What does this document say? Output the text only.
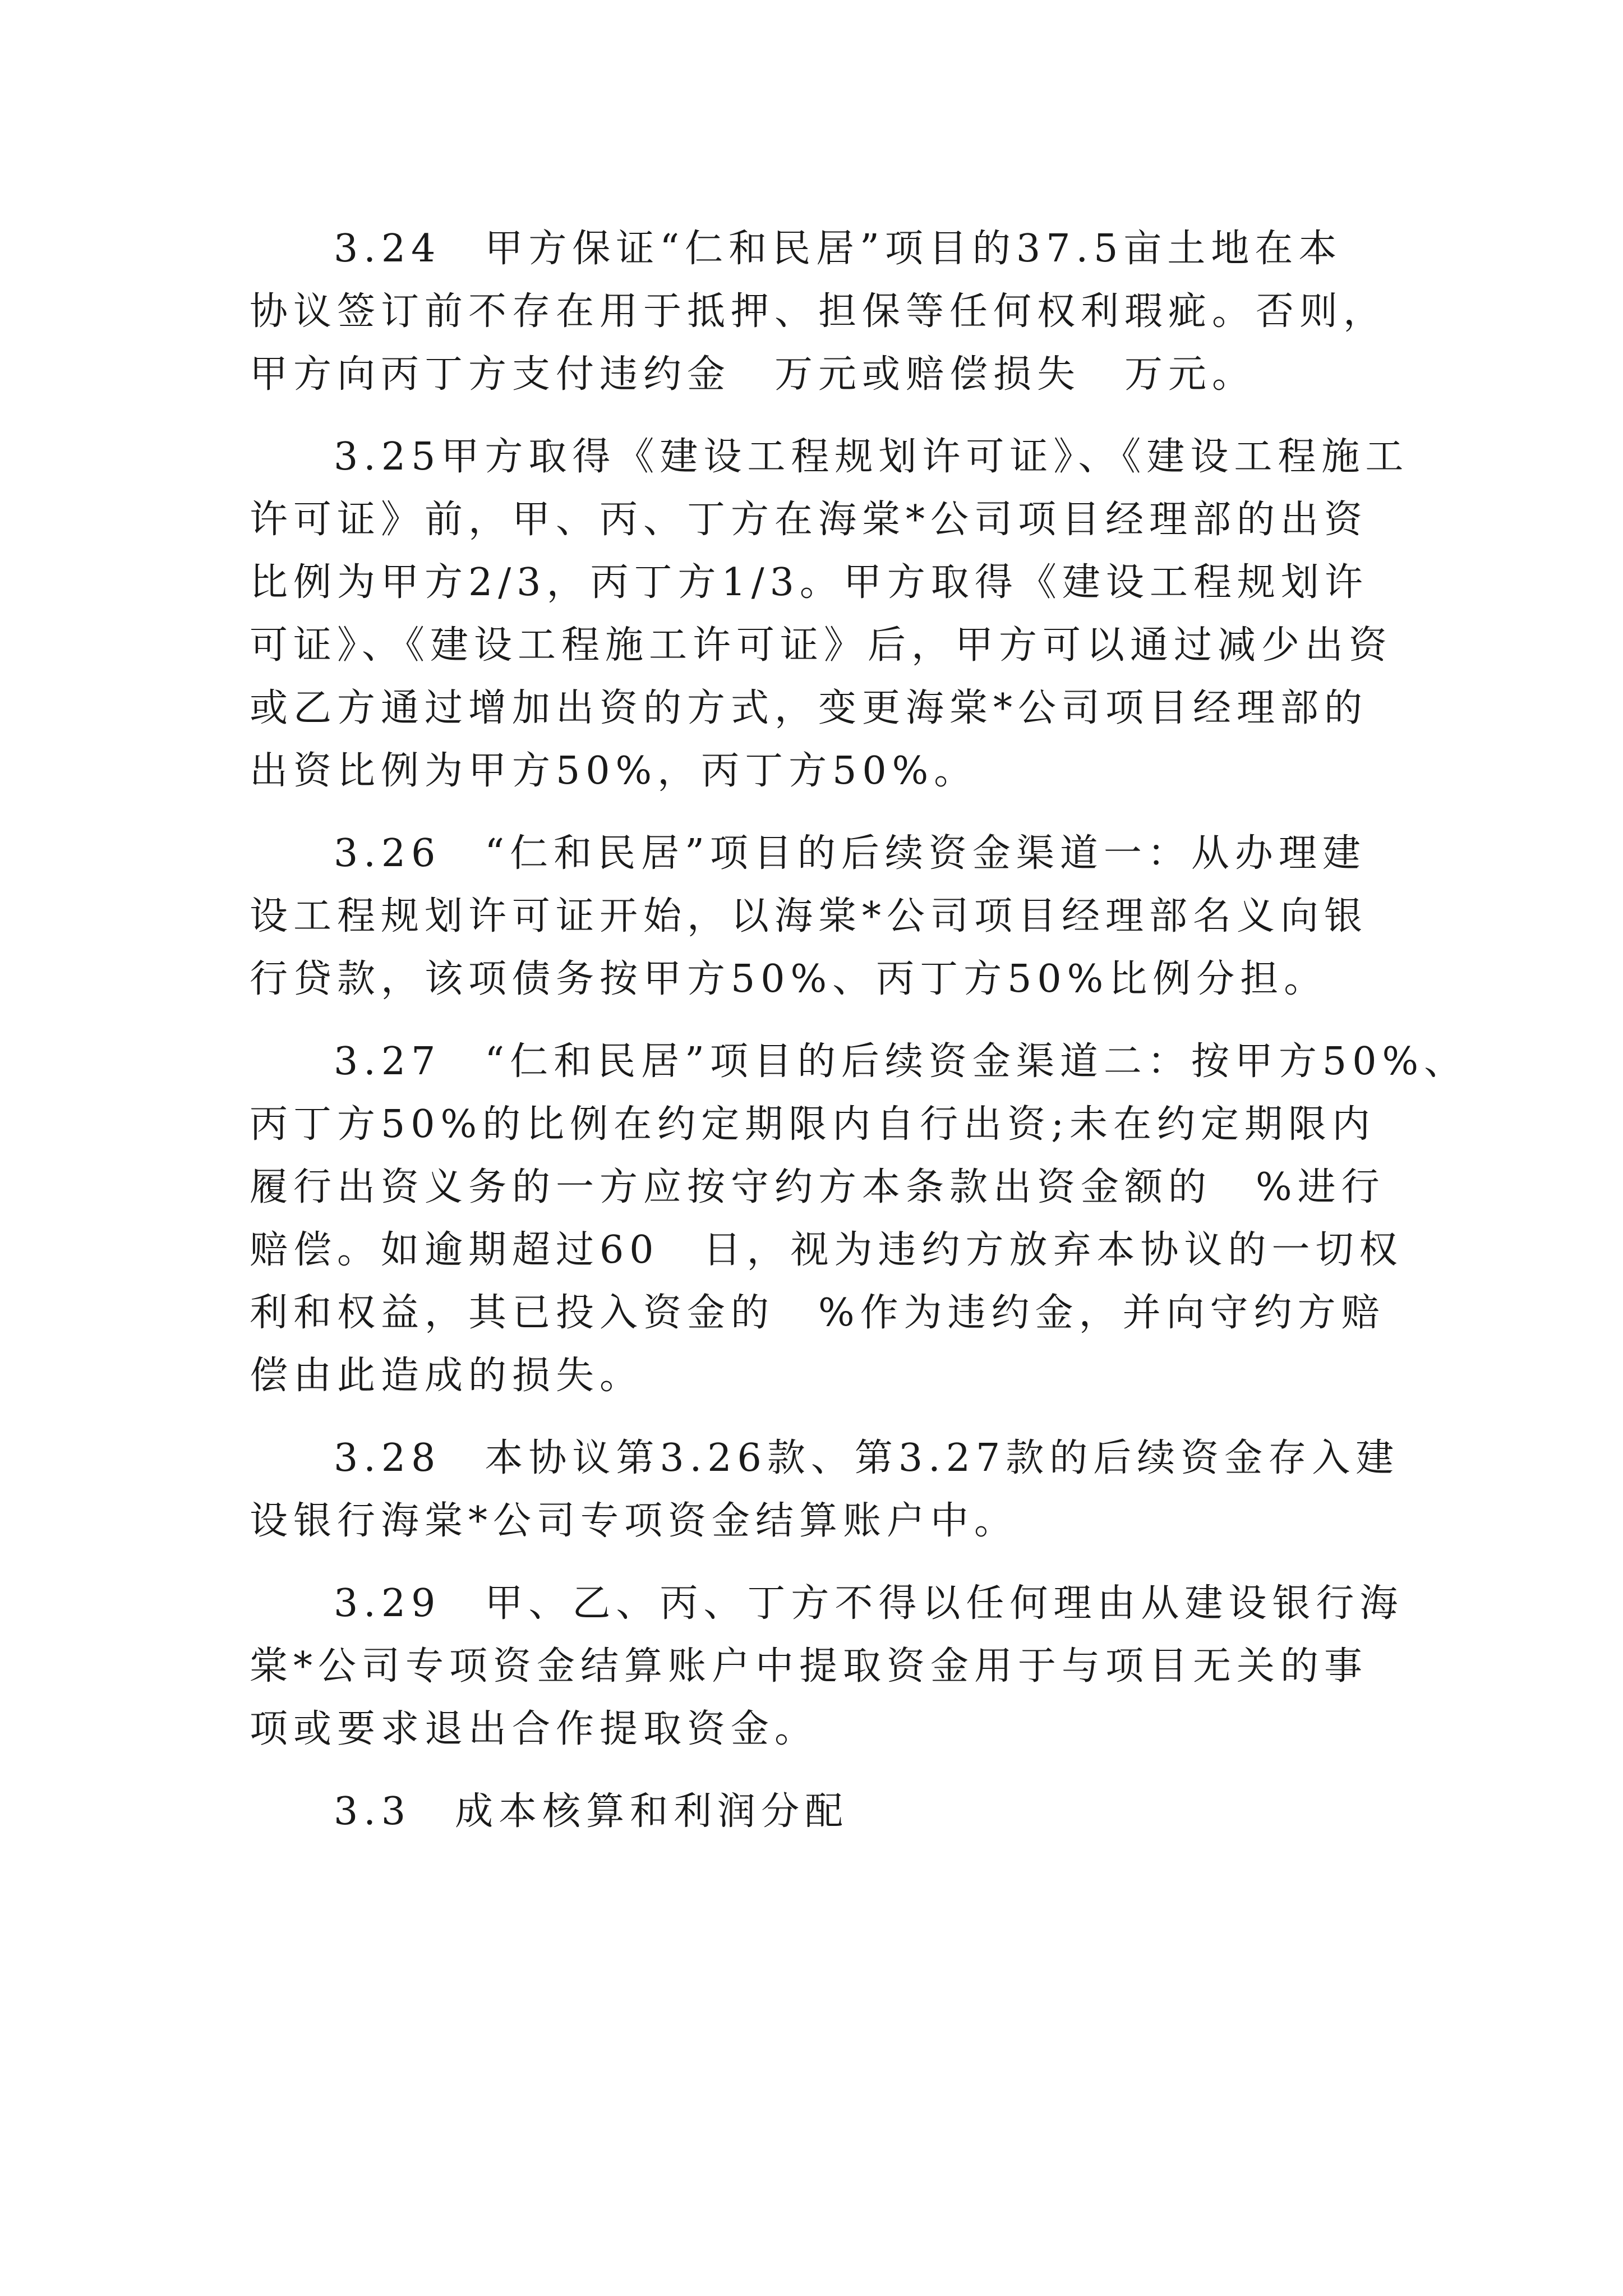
3.24　甲方保证“仁和民居”项目的37.5亩土地在本
协议签订前不存在用于抵押、担保等任何权利瑕疵。否则，
甲方向丙丁方支付违约金　万元或赔偿损失　万元。

3.25甲方取得《建设工程规划许可证》、《建设工程施工
许可证》前，甲、丙、丁方在海棠*公司项目经理部的出资
比例为甲方2/3，丙丁方1/3。甲方取得《建设工程规划许
可证》、《建设工程施工许可证》后，甲方可以通过减少出资
或乙方通过增加出资的方式，变更海棠*公司项目经理部的
出资比例为甲方50%，丙丁方50%。

3.26　“仁和民居”项目的后续资金渠道一：从办理建
设工程规划许可证开始，以海棠*公司项目经理部名义向银
行贷款，该项债务按甲方50%、丙丁方50%比例分担。

3.27　“仁和民居”项目的后续资金渠道二：按甲方50%、
丙丁方50%的比例在约定期限内自行出资;未在约定期限内
履行出资义务的一方应按守约方本条款出资金额的　%进行
赔偿。如逾期超过60　日，视为违约方放弃本协议的一切权
利和权益，其已投入资金的　%作为违约金，并向守约方赔
偿由此造成的损失。

3.28　本协议第3.26款、第3.27款的后续资金存入建
设银行海棠*公司专项资金结算账户中。

3.29　甲、乙、丙、丁方不得以任何理由从建设银行海
棠*公司专项资金结算账户中提取资金用于与项目无关的事
项或要求退出合作提取资金。

3.3　成本核算和利润分配
